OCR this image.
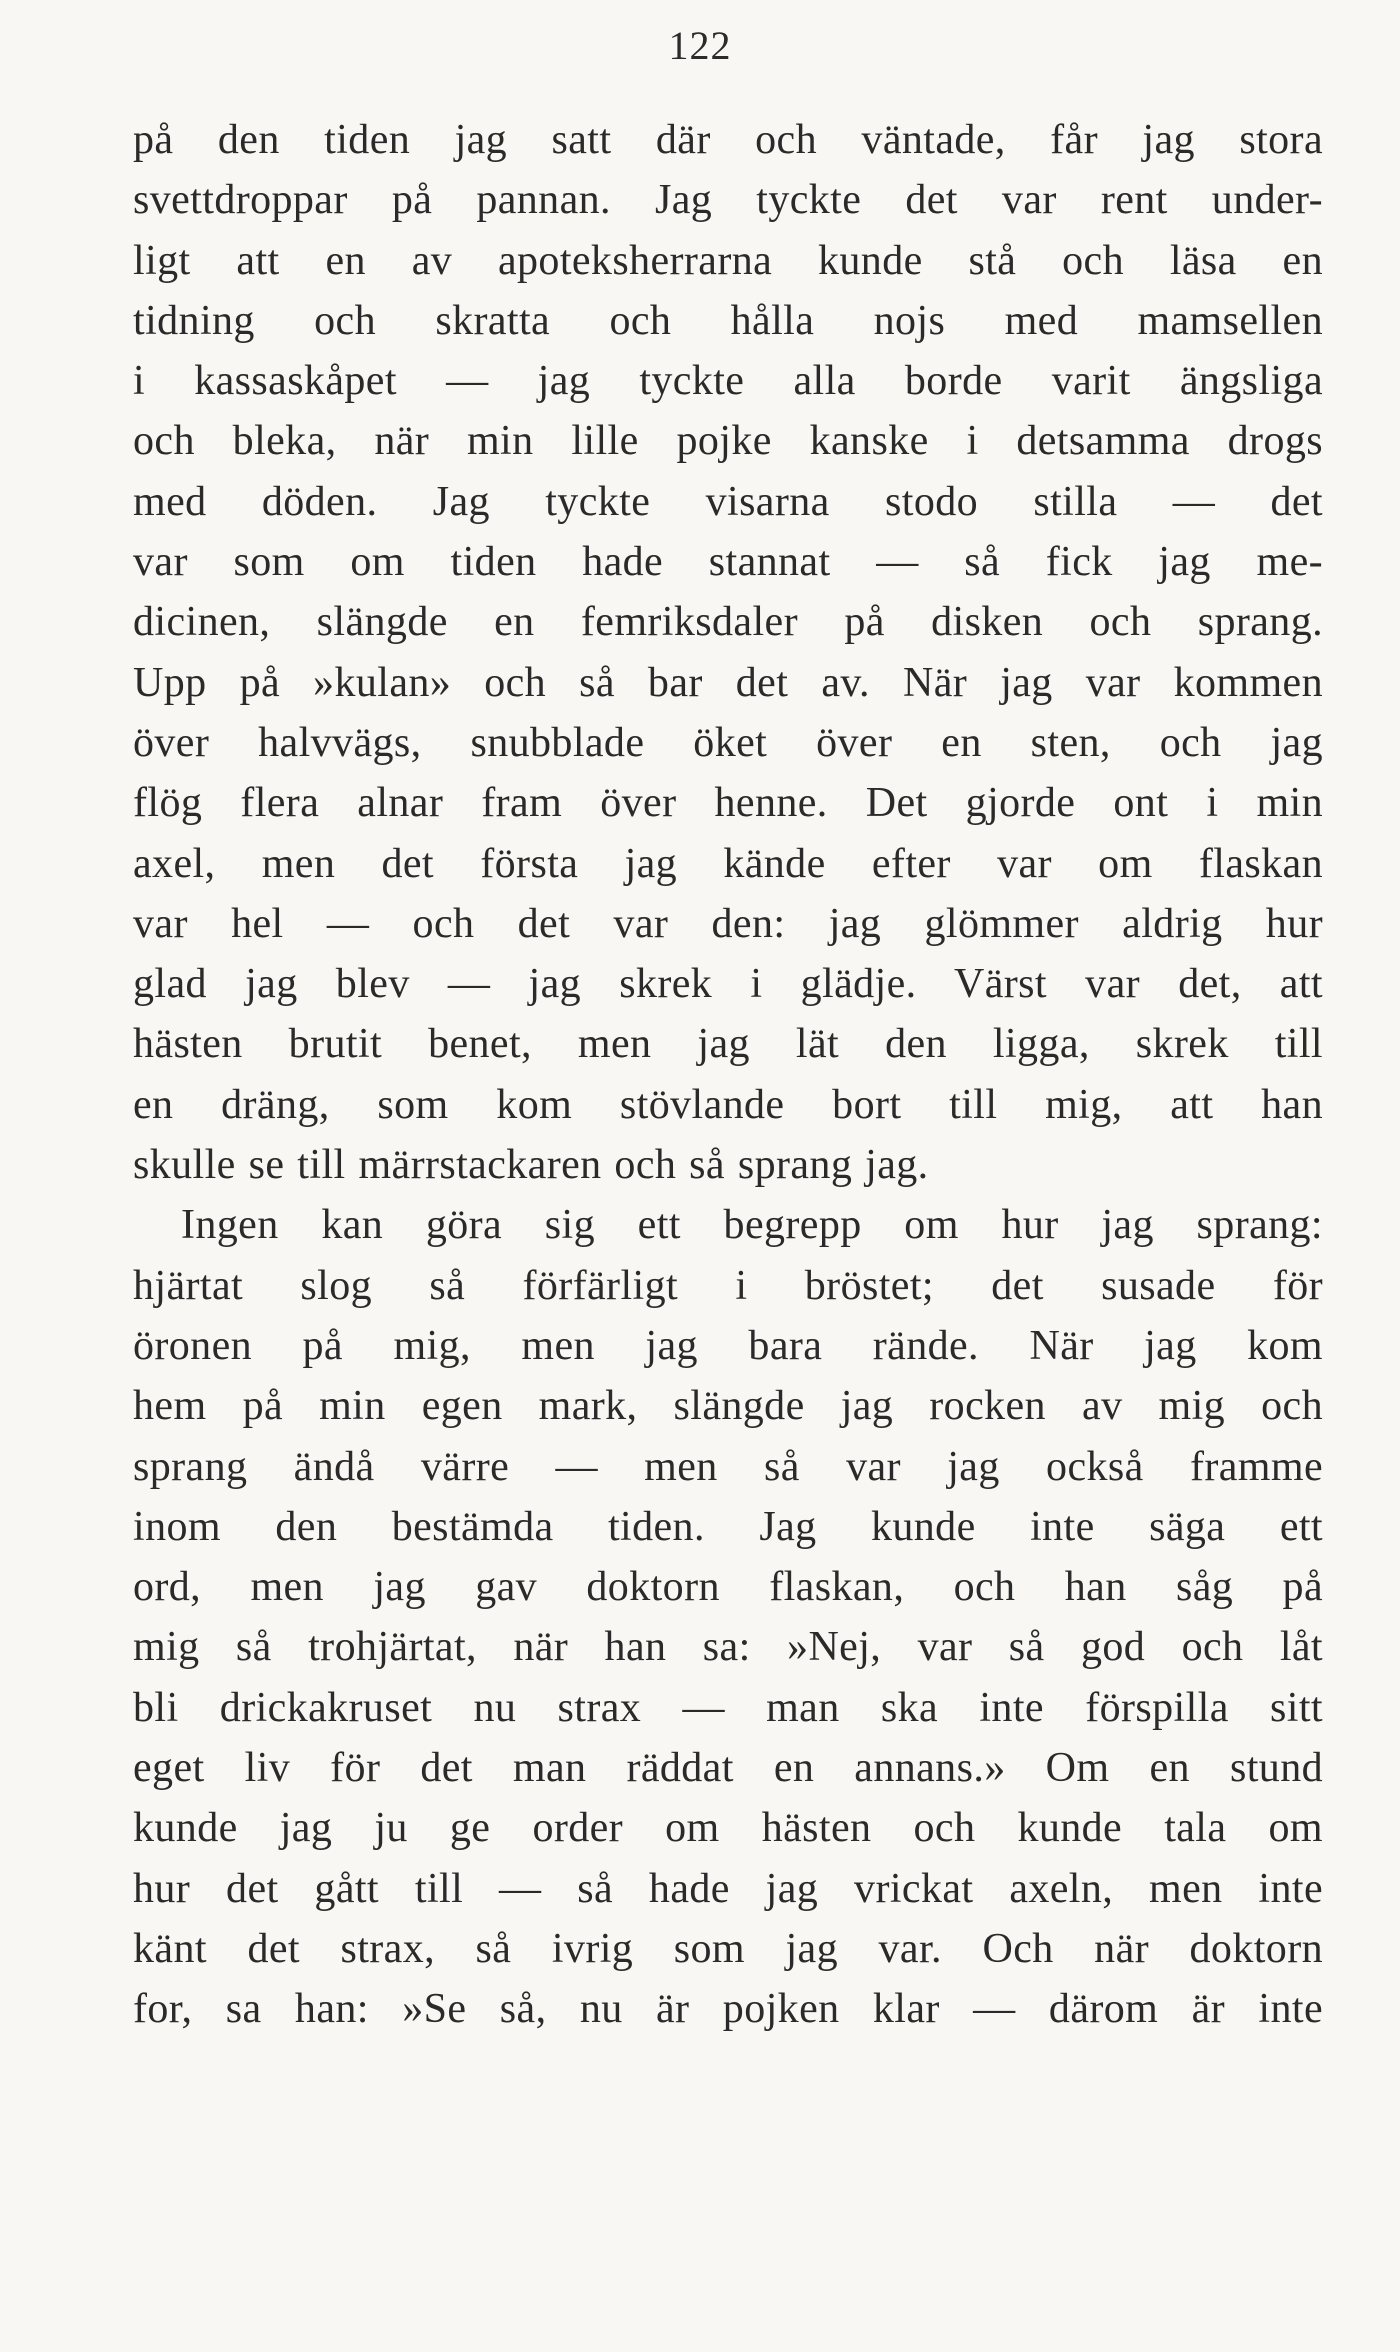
122
på den tiden jag satt där och väntade, får jag stora
svettdroppar på pannan. Jag tyckte det var rent under-
ligt att en av apoteksherrarna kunde stå och läsa en
tidning och skratta och hålla nojs med mamsellen
i kassaskåpet — jag tyckte alla borde varit ängsliga
och bleka, när min lille pojke kanske i detsamma drogs
med döden. Jag tyckte visarna stodo stilla — det
var som om tiden hade stannat — så fick jag me-
dicinen, slängde en femriksdaler på disken och sprang.
Upp på »kulan» och så bar det av. När jag var kommen
över halvvägs, snubblade öket över en sten, och jag
flög flera alnar fram över henne. Det gjorde ont i min
axel, men det första jag kände efter var om flaskan
var hel — och det var den: jag glömmer aldrig hur
glad jag blev — jag skrek i glädje. Värst var det, att
hästen brutit benet, men jag lät den ligga, skrek till
en dräng, som kom stövlande bort till mig, att han
skulle se till märrstackaren och så sprang jag.
Ingen kan göra sig ett begrepp om hur jag sprang:
hjärtat slog så förfärligt i bröstet; det susade för
öronen på mig, men jag bara rände. När jag kom
hem på min egen mark, slängde jag rocken av mig och
sprang ändå värre — men så var jag också framme
inom den bestämda tiden. Jag kunde inte säga ett
ord, men jag gav doktorn flaskan, och han såg på
mig så trohjärtat, när han sa: »Nej, var så god och låt
bli drickakruset nu strax — man ska inte förspilla sitt
eget liv för det man räddat en annans.» Om en stund
kunde jag ju ge order om hästen och kunde tala om
hur det gått till — så hade jag vrickat axeln, men inte
känt det strax, så ivrig som jag var. Och när doktorn
for, sa han: »Se så, nu är pojken klar — därom är inte
